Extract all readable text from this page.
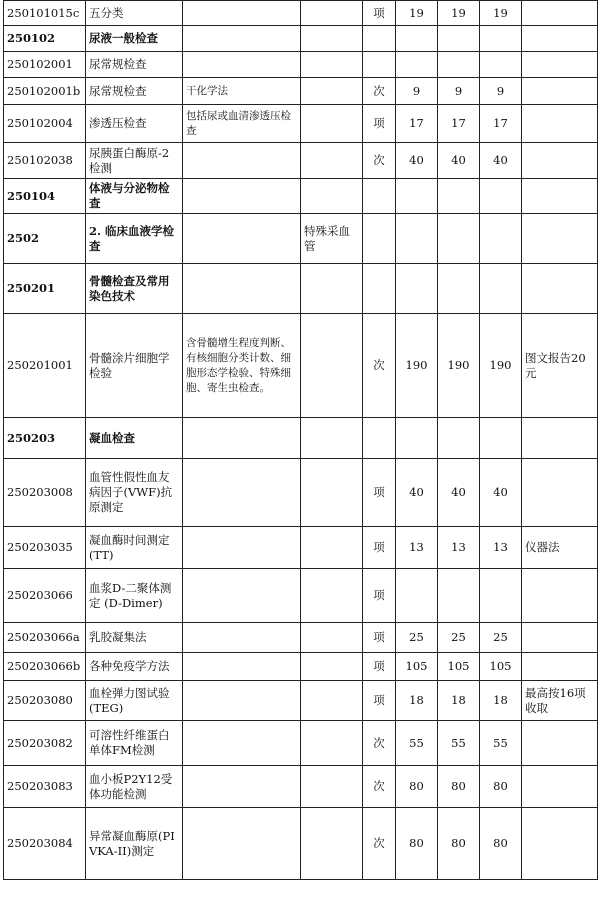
250101015c	五分类			项	19	19	19	
250102	尿液一般检查							
250102001	尿常规检查							
250102001b	尿常规检查	干化学法		次	9	9	9	
250102004	渗透压检查	包括尿或血清渗透压检查		项	17	17	17	
250102038	尿胰蛋白酶原-2检测			次	40	40	40	
250104	体液与分泌物检查							
2502	2. 临床血液学检查		特殊采血管					
250201	骨髓检查及常用染色技术							
250201001	骨髓涂片细胞学检验	含骨髓增生程度判断、有核细胞分类计数、细胞形态学检验、特殊细胞、寄生虫检查。		次	190	190	190	图文报告20元
250203	凝血检查							
250203008	血管性假性血友病因子(VWF)抗原测定			项	40	40	40	
250203035	凝血酶时间测定(TT)			项	13	13	13	仪器法
250203066	血浆D-二聚体测定 (D-Dimer)			项				
250203066a	乳胶凝集法			项	25	25	25	
250203066b	各种免疫学方法			项	105	105	105	
250203080	血栓弹力图试验(TEG)			项	18	18	18	最高按16项收取
250203082	可溶性纤维蛋白单体FM检测			次	55	55	55	
250203083	血小板P2Y12受体功能检测			次	80	80	80	
250203084	异常凝血酶原(PIVKA-II)测定			次	80	80	80	
